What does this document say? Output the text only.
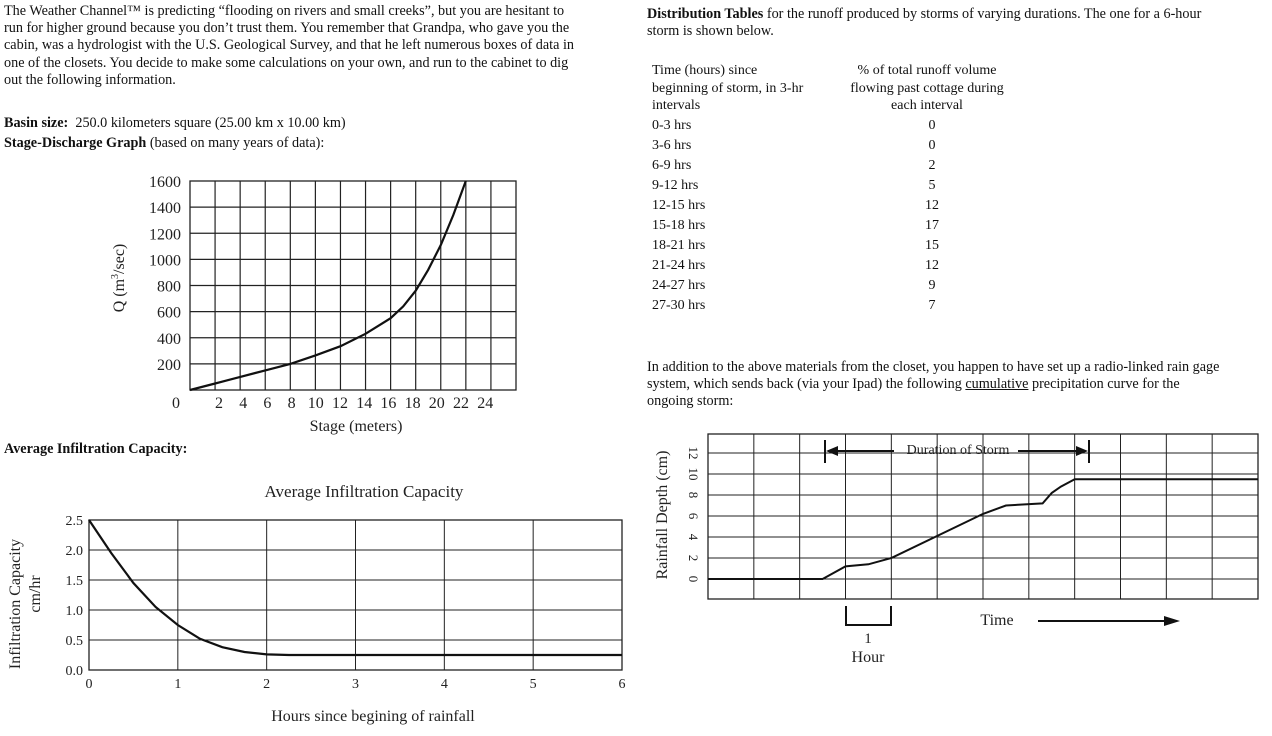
The Weather Channel™ is predicting “flooding on rivers and small creeks”, but you are hesitant to
run for higher ground because you don’t trust them. You remember that Grandpa, who gave you the
cabin, was a hydrologist with the U.S. Geological Survey, and that he left numerous boxes of data in
one of the closets. You decide to make some calculations on your own, and run to the cabinet to dig
out the following information.
Basin size: 250.0 kilometers square (25.00 km x 10.00 km)
Stage-Discharge Graph (based on many years of data):
Average Infiltration Capacity:
200
400
600
800
1000
1200
1400
1600
2 4 6 8 10 12 14 16 18 20 22 24
0
Stage (meters)
Q $(m^3/\sec)$
Average Infiltration Capacity
0.0
0.5
1.0
1.5
2.0
2.5
0	1	2	3	4	5	6
Hours since begining of rainfall
Infiltration Capacity cm/hr
Distribution Tables for the runoff produced by storms of varying durations. The one for a 6-hour
storm is shown below.
Time (hours) since
beginning of storm, in 3-hr
intervals
% of total runoff volume
flowing past cottage during
each interval
0-3 hrs	0
3-6 hrs	0
6-9 hrs	2
9-12 hrs	5
12-15 hrs	12
15-18 hrs	17
18-21 hrs	15
21-24 hrs	12
24-27 hrs	9
27-30 hrs	7
In addition to the above materials from the closet, you happen to have set up a radio-linked rain gage
system, which sends back (via your Ipad) the following cumulative precipitation curve for the
ongoing storm:
0
2
4
6
8
10
12	Duration of Storm
1
Hour
Time
Rainfall Depth (cm)
